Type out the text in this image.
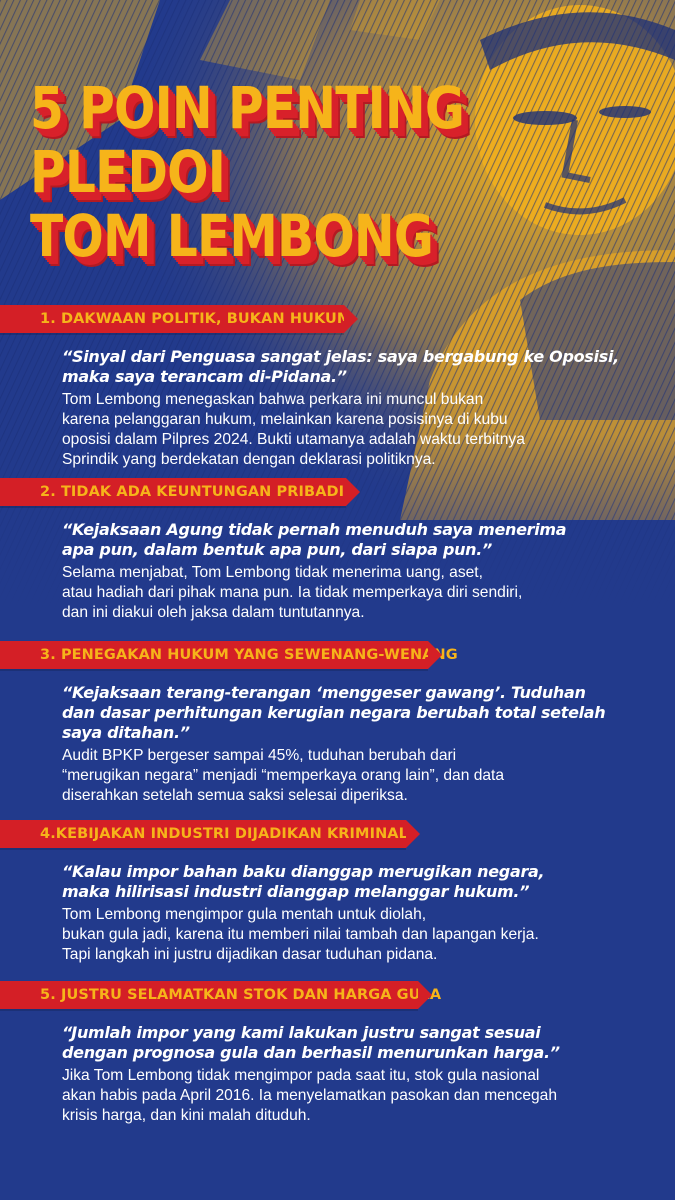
5 POIN PENTING
PLEDOI
TOM LEMBONG
1. DAKWAAN POLITIK, BUKAN HUKUM
“Sinyal dari Penguasa sangat jelas: saya bergabung ke Oposisi,
maka saya terancam di-Pidana.”
Tom Lembong menegaskan bahwa perkara ini muncul bukan
karena pelanggaran hukum, melainkan karena posisinya di kubu
oposisi dalam Pilpres 2024. Bukti utamanya adalah waktu terbitnya
Sprindik yang berdekatan dengan deklarasi politiknya.
2. TIDAK ADA KEUNTUNGAN PRIBADI
“Kejaksaan Agung tidak pernah menuduh saya menerima
apa pun, dalam bentuk apa pun, dari siapa pun.”
Selama menjabat, Tom Lembong tidak menerima uang, aset,
atau hadiah dari pihak mana pun. Ia tidak memperkaya diri sendiri,
dan ini diakui oleh jaksa dalam tuntutannya.
3. PENEGAKAN HUKUM YANG SEWENANG-WENANG
“Kejaksaan terang-terangan ‘menggeser gawang’. Tuduhan
dan dasar perhitungan kerugian negara berubah total setelah
saya ditahan.”
Audit BPKP bergeser sampai 45%, tuduhan berubah dari
“merugikan negara” menjadi “memperkaya orang lain”, dan data
diserahkan setelah semua saksi selesai diperiksa.
4.KEBIJAKAN INDUSTRI DIJADIKAN KRIMINAL
“Kalau impor bahan baku dianggap merugikan negara,
maka hilirisasi industri dianggap melanggar hukum.”
Tom Lembong mengimpor gula mentah untuk diolah,
bukan gula jadi, karena itu memberi nilai tambah dan lapangan kerja.
Tapi langkah ini justru dijadikan dasar tuduhan pidana.
5. JUSTRU SELAMATKAN STOK DAN HARGA GULA
“Jumlah impor yang kami lakukan justru sangat sesuai
dengan prognosa gula dan berhasil menurunkan harga.”
Jika Tom Lembong tidak mengimpor pada saat itu, stok gula nasional
akan habis pada April 2016. Ia menyelamatkan pasokan dan mencegah
krisis harga, dan kini malah dituduh.
